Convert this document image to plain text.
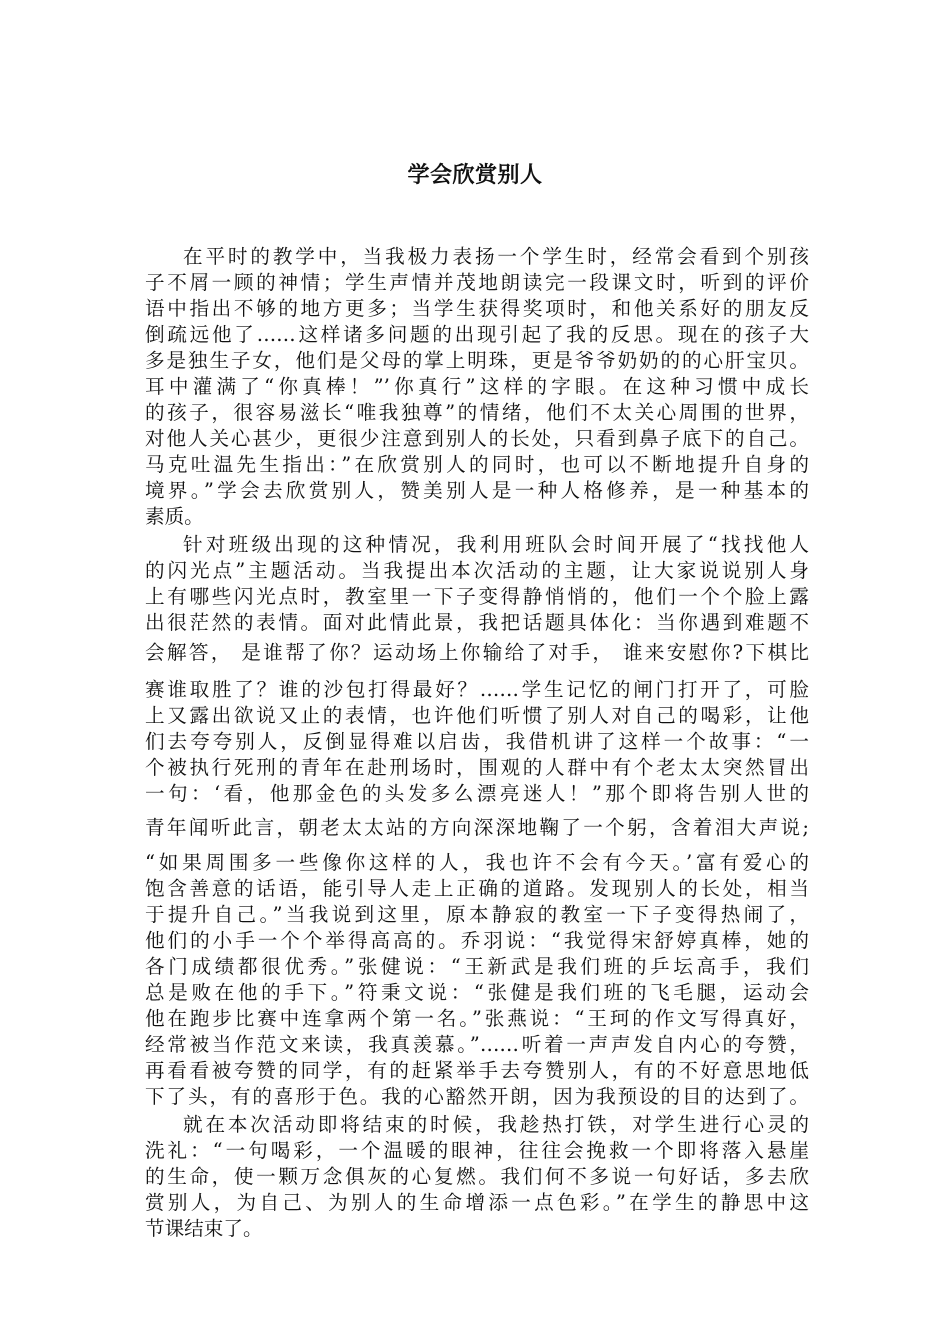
学会欣赏别人
在平时的教学中，当我极力表扬一个学生时，经常会看到个别孩
子不屑一顾的神情；学生声情并茂地朗读完一段课文时，听到的评价
语中指出不够的地方更多；当学生获得奖项时，和他关系好的朋友反
倒疏远他了……这样诸多问题的出现引起了我的反思。现在的孩子大
多是独生子女，他们是父母的掌上明珠，更是爷爷奶奶的的心肝宝贝。
耳中灌满了“你真棒！”’你真行”这样的字眼。在这种习惯中成长
的孩子，很容易滋长“唯我独尊”的情绪，他们不太关心周围的世界，
对他人关心甚少，更很少注意到别人的长处，只看到鼻子底下的自己。
马克吐温先生指出：”在欣赏别人的同时，也可以不断地提升自身的
境界。”学会去欣赏别人，赞美别人是一种人格修养，是一种基本的
素质。
针对班级出现的这种情况，我利用班队会时间开展了“找找他人
的闪光点”主题活动。当我提出本次活动的主题，让大家说说别人身
上有哪些闪光点时，教室里一下子变得静悄悄的，他们一个个脸上露
出很茫然的表情。面对此情此景，我把话题具体化：当你遇到难题不
会解答， 是谁帮了你？运动场上你输给了对手， 谁来安慰你?下棋比
赛谁取胜了？谁的沙包打得最好？……学生记忆的闸门打开了，可脸
上又露出欲说又止的表情，也许他们听惯了别人对自己的喝彩，让他
们去夸夸别人，反倒显得难以启齿，我借机讲了这样一个故事：“一
个被执行死刑的青年在赴刑场时，围观的人群中有个老太太突然冒出
一句：‘看，他那金色的头发多么漂亮迷人！”那个即将告别人世的
青年闻听此言，朝老太太站的方向深深地鞠了一个躬，含着泪大声说;
“如果周围多一些像你这样的人，我也许不会有今天。’富有爱心的
饱含善意的话语，能引导人走上正确的道路。发现别人的长处，相当
于提升自己。”当我说到这里，原本静寂的教室一下子变得热闹了，
他们的小手一个个举得高高的。乔羽说：“我觉得宋舒婷真棒，她的
各门成绩都很优秀。”张健说：“王新武是我们班的乒坛高手，我们
总是败在他的手下。”符秉文说：“张健是我们班的飞毛腿，运动会
他在跑步比赛中连拿两个第一名。”张燕说：“王珂的作文写得真好，
经常被当作范文来读，我真羡慕。”……听着一声声发自内心的夸赞，
再看看被夸赞的同学，有的赶紧举手去夸赞别人，有的不好意思地低
下了头，有的喜形于色。我的心豁然开朗，因为我预设的目的达到了。
就在本次活动即将结束的时候，我趁热打铁，对学生进行心灵的
洗礼：“一句喝彩，一个温暖的眼神，往往会挽救一个即将落入悬崖
的生命，使一颗万念俱灰的心复燃。我们何不多说一句好话，多去欣
赏别人，为自己、为别人的生命增添一点色彩。”在学生的静思中这
节课结束了。
